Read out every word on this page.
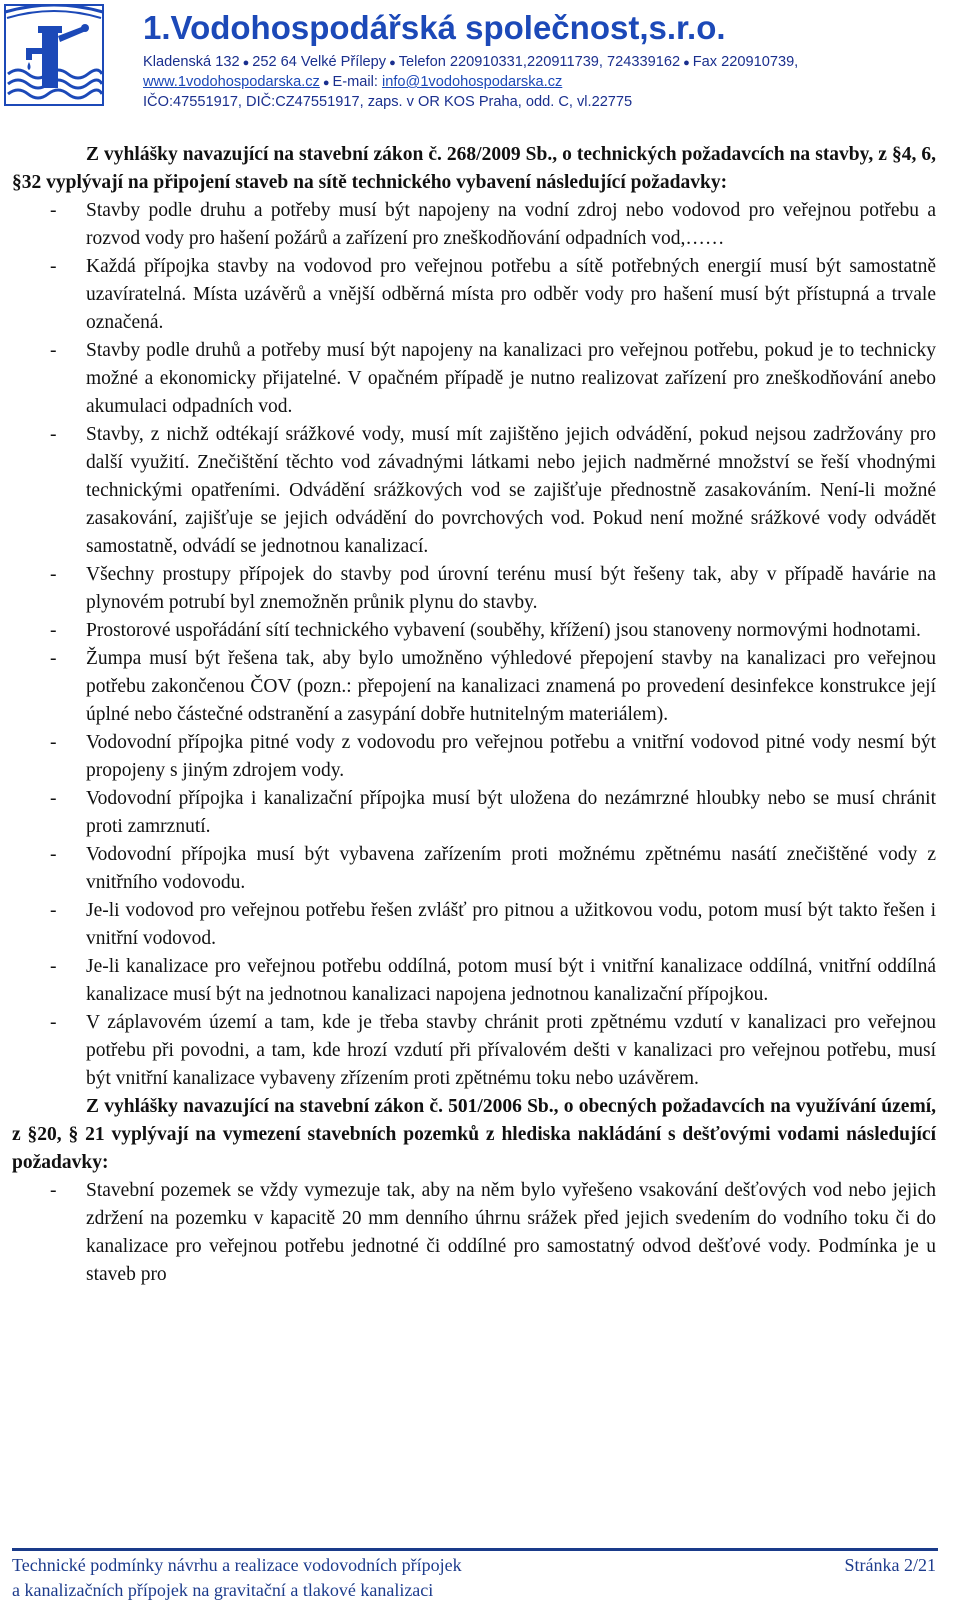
1.Vodohospodářská společnost,s.r.o.
Kladenská 132 ● 252 64 Velké Přílepy ● Telefon 220910331,220911739, 724339162 ● Fax 220910739,
www.1vodohospodarska.cz ● E-mail: info@1vodohospodarska.cz
IČO:47551917, DIČ:CZ47551917, zaps. v OR KOS Praha, odd. C, vl.22775

Z vyhlášky navazující na stavební zákon č. 268/2009 Sb., o technických požadavcích na stavby, z §4, 6, §32 vyplývají na připojení staveb na sítě technického vybavení následující požadavky:

- Stavby podle druhu a potřeby musí být napojeny na vodní zdroj nebo vodovod pro veřejnou potřebu a rozvod vody pro hašení požárů a zařízení pro zneškodňování odpadních vod,……
- Každá přípojka stavby na vodovod pro veřejnou potřebu a sítě potřebných energií musí být samostatně uzavíratelná. Místa uzávěrů a vnější odběrná místa pro odběr vody pro hašení musí být přístupná a trvale označená.
- Stavby podle druhů a potřeby musí být napojeny na kanalizaci pro veřejnou potřebu, pokud je to technicky možné a ekonomicky přijatelné. V opačném případě je nutno realizovat zařízení pro zneškodňování anebo akumulaci odpadních vod.
- Stavby, z nichž odtékají srážkové vody, musí mít zajištěno jejich odvádění, pokud nejsou zadržovány pro další využití. Znečištění těchto vod závadnými látkami nebo jejich nadměrné množství se řeší vhodnými technickými opatřeními. Odvádění srážkových vod se zajišťuje přednostně zasakováním. Není-li možné zasakování, zajišťuje se jejich odvádění do povrchových vod. Pokud není možné srážkové vody odvádět samostatně, odvádí se jednotnou kanalizací.
- Všechny prostupy přípojek do stavby pod úrovní terénu musí být řešeny tak, aby v případě havárie na plynovém potrubí byl znemožněn průnik plynu do stavby.
- Prostorové uspořádání sítí technického vybavení (souběhy, křížení) jsou stanoveny normovými hodnotami.
- Žumpa musí být řešena tak, aby bylo umožněno výhledové přepojení stavby na kanalizaci pro veřejnou potřebu zakončenou ČOV (pozn.: přepojení na kanalizaci znamená po provedení desinfekce konstrukce její úplné nebo částečné odstranění a zasypání dobře hutnitelným materiálem).
- Vodovodní přípojka pitné vody z vodovodu pro veřejnou potřebu a vnitřní vodovod pitné vody nesmí být propojeny s jiným zdrojem vody.
- Vodovodní přípojka i kanalizační přípojka musí být uložena do nezámrzné hloubky nebo se musí chránit proti zamrznutí.
- Vodovodní přípojka musí být vybavena zařízením proti možnému zpětnému nasátí znečištěné vody z vnitřního vodovodu.
- Je-li vodovod pro veřejnou potřebu řešen zvlášť pro pitnou a užitkovou vodu, potom musí být takto řešen i vnitřní vodovod.
- Je-li kanalizace pro veřejnou potřebu oddílná, potom musí být i vnitřní kanalizace oddílná, vnitřní oddílná kanalizace musí být na jednotnou kanalizaci napojena jednotnou kanalizační přípojkou.
- V záplavovém území a tam, kde je třeba stavby chránit proti zpětnému vzdutí v kanalizaci pro veřejnou potřebu při povodni, a tam, kde hrozí vzdutí při přívalovém dešti v kanalizaci pro veřejnou potřebu, musí být vnitřní kanalizace vybaveny zřízením proti zpětnému toku nebo uzávěrem.

Z vyhlášky navazující na stavební zákon č. 501/2006 Sb., o obecných požadavcích na využívání území, z §20, § 21 vyplývají na vymezení stavebních pozemků z hlediska nakládání s dešťovými vodami následující požadavky:

- Stavební pozemek se vždy vymezuje tak, aby na něm bylo vyřešeno vsakování dešťových vod nebo jejich zdržení na pozemku v kapacitě 20 mm denního úhrnu srážek před jejich svedením do vodního toku či do kanalizace pro veřejnou potřebu jednotné či oddílné pro samostatný odvod dešťové vody. Podmínka je u staveb pro
Technické podmínky návrhu a realizace vodovodních přípojek
a kanalizačních přípojek na gravitační a tlakové kanalizaci
Stránka 2/21
